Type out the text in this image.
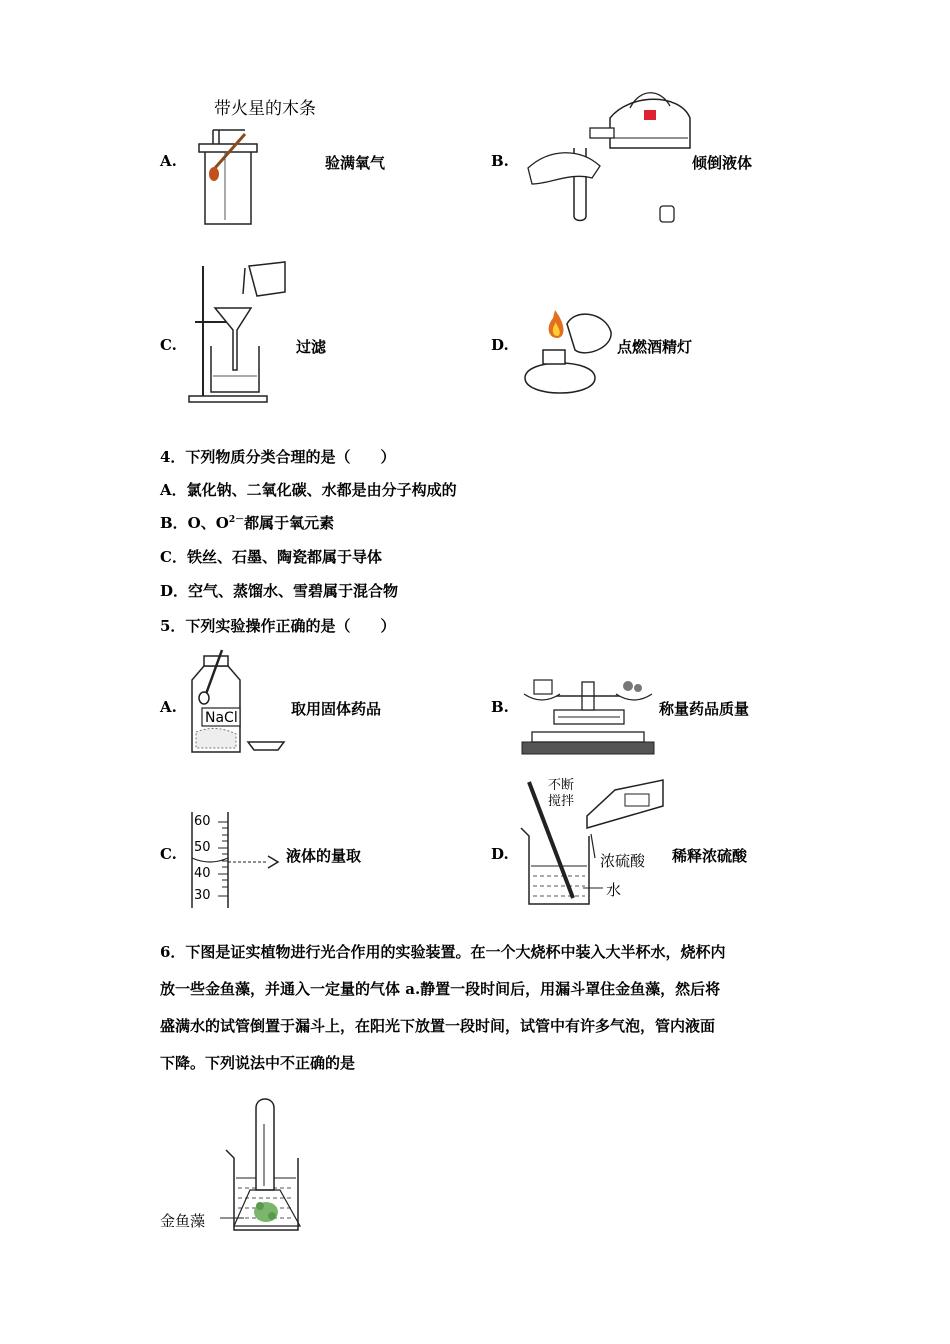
带火星的木条
A.	验满氧气	B.	倾倒液体
C.	过滤	D.	点燃酒精灯
4．下列物质分类合理的是（　　）
A．氯化钠、二氧化碳、水都是由分子构成的
B．O、$O^{2-}$都属于氧元素
C．铁丝、石墨、陶瓷都属于导体
D．空气、蒸馏水、雪碧属于混合物
5．下列实验操作正确的是（　　）
A.
NaCl	取用固体药品	B.	称量药品质量
C.
60
50
40
30
液体的量取	D.
不断搅拌
浓硫酸
水
稀释浓硫酸
6．下图是证实植物进行光合作用的实验装置。在一个大烧杯中装入大半杯水，烧杯内
放一些金鱼藻，并通入一定量的气体 a.静置一段时间后，用漏斗罩住金鱼藻，然后将
盛满水的试管倒置于漏斗上，在阳光下放置一段时间，试管中有许多气泡，管内液面
下降。下列说法中不正确的是
金鱼藻
